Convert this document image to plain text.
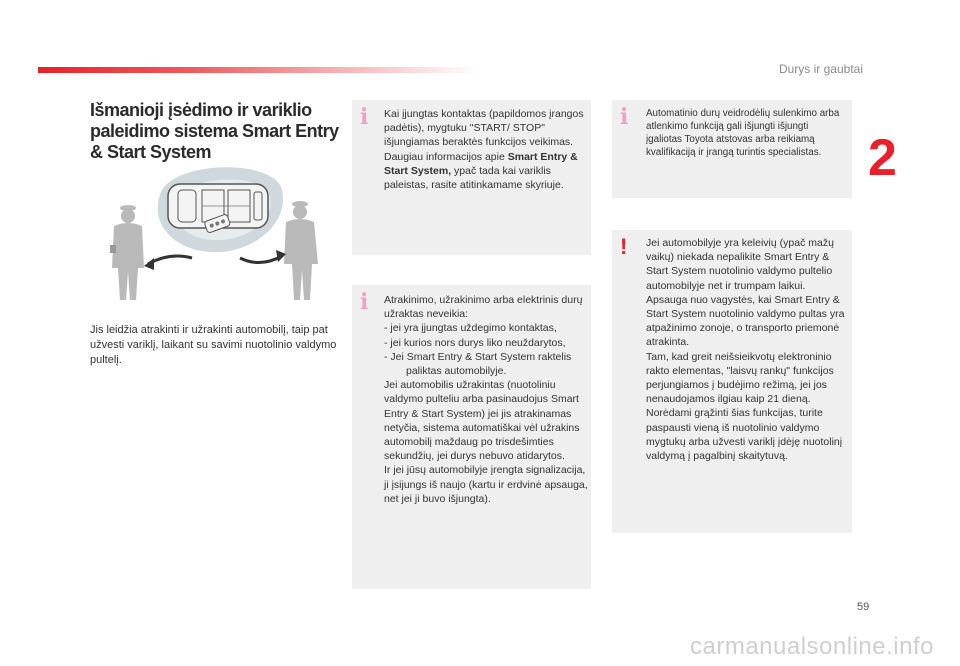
Durys ir gaubtai
2
Išmanioji įsėdimo ir variklio paleidimo sistema Smart Entry & Start System
Jis leidžia atrakinti ir užrakinti automobilį, taip pat užvesti variklį, laikant su savimi nuotolinio valdymo pultelį.
i Kai įjungtas kontaktas (papildomos įrangos padėtis), mygtuku "START/ STOP" išjungiamas beraktės funkcijos veikimas.
Daugiau informacijos apie Smart Entry & Start System, ypač tada kai variklis paleistas, rasite atitinkamame skyriuje.
i Atrakinimo, užrakinimo arba elektrinis durų užraktas neveikia:
- jei yra įjungtas uždegimo kontaktas,
- jei kurios nors durys liko neuždarytos,
- Jei Smart Entry & Start System raktelis paliktas automobilyje.
Jei automobilis užrakintas (nuotoliniu valdymo pulteliu arba pasinaudojus Smart Entry & Start System) jei jis atrakinamas netyčia, sistema automatiškai vėl užrakins automobilį maždaug po trisdešimties sekundžių, jei durys nebuvo atidarytos.
Ir jei jūsų automobilyje įrengta signalizacija, ji įsijungs iš naujo (kartu ir erdvinė apsauga, net jei ji buvo išjungta).
i Automatinio durų veidrodėlių sulenkimo arba atlenkimo funkciją gali išjungti išjungti įgaliotas Toyota atstovas arba reikiamą kvalifikaciją ir įrangą turintis specialistas.
! Jei automobilyje yra keleivių (ypač mažų vaikų) niekada nepalikite Smart Entry & Start System nuotolinio valdymo pultelio automobilyje net ir trumpam laikui.
Apsauga nuo vagystės, kai Smart Entry & Start System nuotolinio valdymo pultas yra atpažinimo zonoje, o transporto priemonė atrakinta.
Tam, kad greit neišsieikvotų elektroninio rakto elementas, "laisvų rankų" funkcijos perjungiamos į budėjimo režimą, jei jos nenaudojamos ilgiau kaip 21 dieną.
Norėdami grąžinti šias funkcijas, turite paspausti vieną iš nuotolinio valdymo mygtukų arba užvesti variklį įdėję nuotolinį valdymą į pagalbinį skaitytuvą.
59
carmanualsonline.info
